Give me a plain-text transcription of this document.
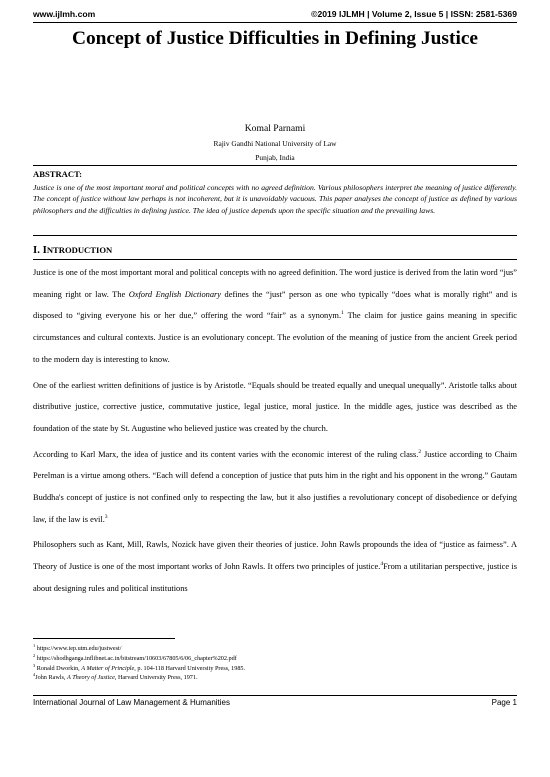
www.ijlmh.com	©2019 IJLMH | Volume 2, Issue 5 | ISSN: 2581-5369
Concept of Justice Difficulties in Defining Justice
Komal Parnami
Rajiv Gandhi National University of Law
Punjab, India
ABSTRACT:
Justice is one of the most important moral and political concepts with no agreed definition. Various philosophers interpret the meaning of justice differently. The concept of justice without law perhaps is not incoherent, but it is unavoidably vacuous. This paper analyses the concept of justice as defined by various philosophers and the difficulties in defining justice. The idea of justice depends upon the specific situation and the prevailing laws.
I. INTRODUCTION

Justice is one of the most important moral and political concepts with no agreed definition. The word justice is derived from the latin word “jus” meaning right or law. The Oxford English Dictionary defines the “just” person as one who typically “does what is morally right” and is disposed to “giving everyone his or her due,” offering the word “fair” as a synonym.$^1$ The claim for justice gains meaning in specific circumstances and cultural contexts. Justice is an evolutionary concept. The evolution of the meaning of justice from the ancient Greek period to the modern day is interesting to know.

One of the earliest written definitions of justice is by Aristotle. “Equals should be treated equally and unequal unequally”. Aristotle talks about distributive justice, corrective justice, commutative justice, legal justice, moral justice. In the middle ages, justice was described as the foundation of the state by St. Augustine who believed justice was created by the church.

According to Karl Marx, the idea of justice and its content varies with the economic interest of the ruling class.$^2$ Justice according to Chaim Perelman is a virtue among others. “Each will defend a conception of justice that puts him in the right and his opponent in the wrong.” Gautam Buddha's concept of justice is not confined only to respecting the law, but it also justifies a revolutionary concept of disobedience or defying law, if the law is evil.$^3$

Philosophers such as Kant, Mill, Rawls, Nozick have given their theories of justice. John Rawls propounds the idea of “justice as fairness”. A Theory of Justice is one of the most important works of John Rawls. It offers two principles of justice.$^4$From a utilitarian perspective, justice is about designing rules and political institutions

$^1$ https://www.iep.utm.edu/justwest/
$^2$ https://shodhganga.inflibnet.ac.in/bitstream/10603/67805/6/06_chapter%202.pdf
$^3$ Ronald Dworkin, A Matter of Principle, p. 104-118 Harvard University Press, 1985.
$^4$John Rawls, A Theory of Justice, Harvard University Press, 1971.
International Journal of Law Management & Humanities	Page 1
